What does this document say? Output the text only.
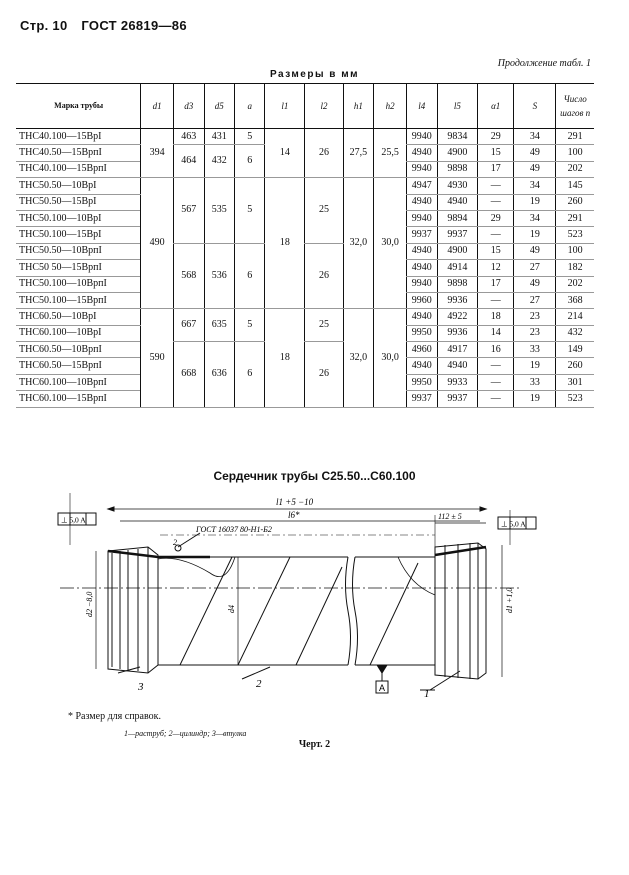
Стр. 10 ГОСТ 26819—86
Продолжение табл. 1
Размеры в мм
Марка трубы	d1	d3	d5	a	l1	l2	h1	h2	l4	l5	α1	S	Число шагов n
ТНС40.100—15ВрI	394	463	431	5	14	26	27,5	25,5	9940	9834	29	34	291
ТНС40.50—15ВрпI		464	432	6					4940	4900	15	49	100
ТНС40.100—15ВрпI									9940	9898	17	49	202
ТНС50.50—10ВрI	490	567	535	5	18	25	32,0	30,0	4947	4930	—	34	145
ТНС50.50—15ВрI									4940	4940	—	19	260
ТНС50.100—10ВрI									9940	9894	29	34	291
ТНС50.100—15ВрI									9937	9937	—	19	523
ТНС50.50—10ВрпI		568	536	6		26			4940	4900	15	49	100
ТНС50 50—15ВрпI									4940	4914	12	27	182
ТНС50.100—10ВрпI									9940	9898	17	49	202
ТНС50.100—15ВрпI									9960	9936	—	27	368
ТНС60.50—10ВрI	590	667	635	5	18	25	32,0	30,0	4940	4922	18	23	214
ТНС60.100—10ВрI									9950	9936	14	23	432
ТНС60.50—10ВрпI		668	636	6		26			4960	4917	16	33	149
ТНС60.50—15ВрпI									4940	4940	—	19	260
ТНС60.100—10ВрпI									9950	9933	—	33	301
ТНС60.100—15ВрпI									9937	9937	—	19	523
Сердечник трубы С25.50...С60.100
l1 +5 −10
l6*	112 ± 5
⊥ 5,0 A	⊥ 5,0 A
ГОСТ 16037 80-Н1-Б2
2
d2 −8,0	d4	d1 +1,0
A
3	2
1
* Размер для справок.
1—раструб; 2—цилиндр; 3—втулка
Черт. 2
